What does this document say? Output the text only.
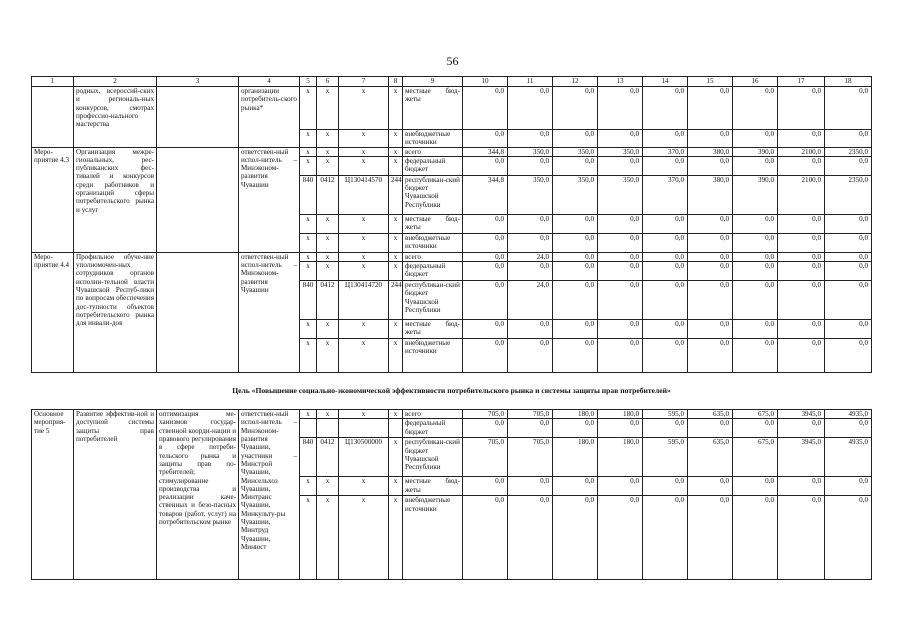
56
1	2	3	4	5	6	7	8	9	10	11	12	13	14	15	16	17	18
	родных, всероссий-ских и региональ-ных конкурсов, смотрах профессио-нального мастерства		организации потребитель-ского рынка*	х	х	х	х	местные бюд-жеты	0,0	0,0	0,0	0,0	0,0	0,0	0,0	0,0	0,0
				х	х	х	х	внебюджетные источники	0,0	0,0	0,0	0,0	0,0	0,0	0,0	0,0	0,0
Меро-приятие 4.3	Организация межре-гиональных, рес-публиканских фес-тивалей и конкурсов среди работников и организаций сферы потребительского рынка и услуг		ответствен-ный испол-нитель – Минэконом-развития Чувашии	х	х	х	х	всего	344,8	350,0	350,0	350,0	370,0	380,0	390,0	2100,0	2350,0
				х	х	х	х	федеральный бюджет	0,0	0,0	0,0	0,0	0,0	0,0	0,0	0,0	0,0
				840	0412	Ц130414570	244	республикан-ский бюджет Чувашской Республики	344,8	350,0	350,0	350,0	370,0	380,0	390,0	2100,0	2350,0
				х	х	х	х	местные бюд-жеты	0,0	0,0	0,0	0,0	0,0	0,0	0,0	0,0	0,0
				х	х	х	х	внебюджетные источники	0,0	0,0	0,0	0,0	0,0	0,0	0,0	0,0	0,0
Меро-приятие 4.4	Профильное обуче-ние уполномочен-ных сотрудников органов исполни-тельной власти Чувашской Респуб-лики по вопросам обеспечения дос-тупности объектов потребительского рынка для инвали-дов		ответствен-ный испол-нитель – Минэконом-развития Чувашии	х	х	х	х	всего	0,0	24,0	0,0	0,0	0,0	0,0	0,0	0,0	0,0
				х	х	х	х	федеральный бюджет	0,0	0,0	0,0	0,0	0,0	0,0	0,0	0,0	0,0
				840	0412	Ц130414720	244	республикан-ский бюджет Чувашской Республики	0,0	24,0	0,0	0,0	0,0	0,0	0,0	0,0	0,0
				х	х	х	х	местные бюд-жеты	0,0	0,0	0,0	0,0	0,0	0,0	0,0	0,0	0,0
				х	х	х	х	внебюджетные источники	0,0	0,0	0,0	0,0	0,0	0,0	0,0	0,0	0,0
Цель «Повышение социально-экономической эффективности потребительского рынка и системы защиты прав потребителей»																	
Основное мероприя-тие 5	Развитие эффектив-ной и доступной системы защиты прав потребителей	оптимизация ме-ханизмов государ-ственной коорди-нации и правового регулирования в сфере потреби-тельского рынка и защиты прав по-требителей; стимулирование производства и реализации каче-ственных и безо-пасных товаров (работ, услуг) на потребительском рынке	ответствен-ный испол-нитель – Минэконом-развития Чувашии, участники – Минстрой Чувашии, Минсельхоз Чувашии, Минтранс Чувашии, Минкульту-ры Чувашии, Минтруд Чувашии, Минюст	х	х	х	х	всего	705,0	705,0	180,0	180,0	595,0	635,0	675,0	3945,0	4935,0
								федеральный бюджет	0,0	0,0	0,0	0,0	0,0	0,0	0,0	0,0	0,0
				840	0412	Ц130500000	х	республикан-ский бюджет Чувашской Республики	705,0	705,0	180,0	180,0	595,0	635,0	675,0	3945,0	4935,0
				х	х	х	х	местные бюд-жеты	0,0	0,0	0,0	0,0	0,0	0,0	0,0	0,0	0,0
				х	х	х	х	внебюджетные источники	0,0	0,0	0,0	0,0	0,0	0,0	0,0	0,0	0,0
